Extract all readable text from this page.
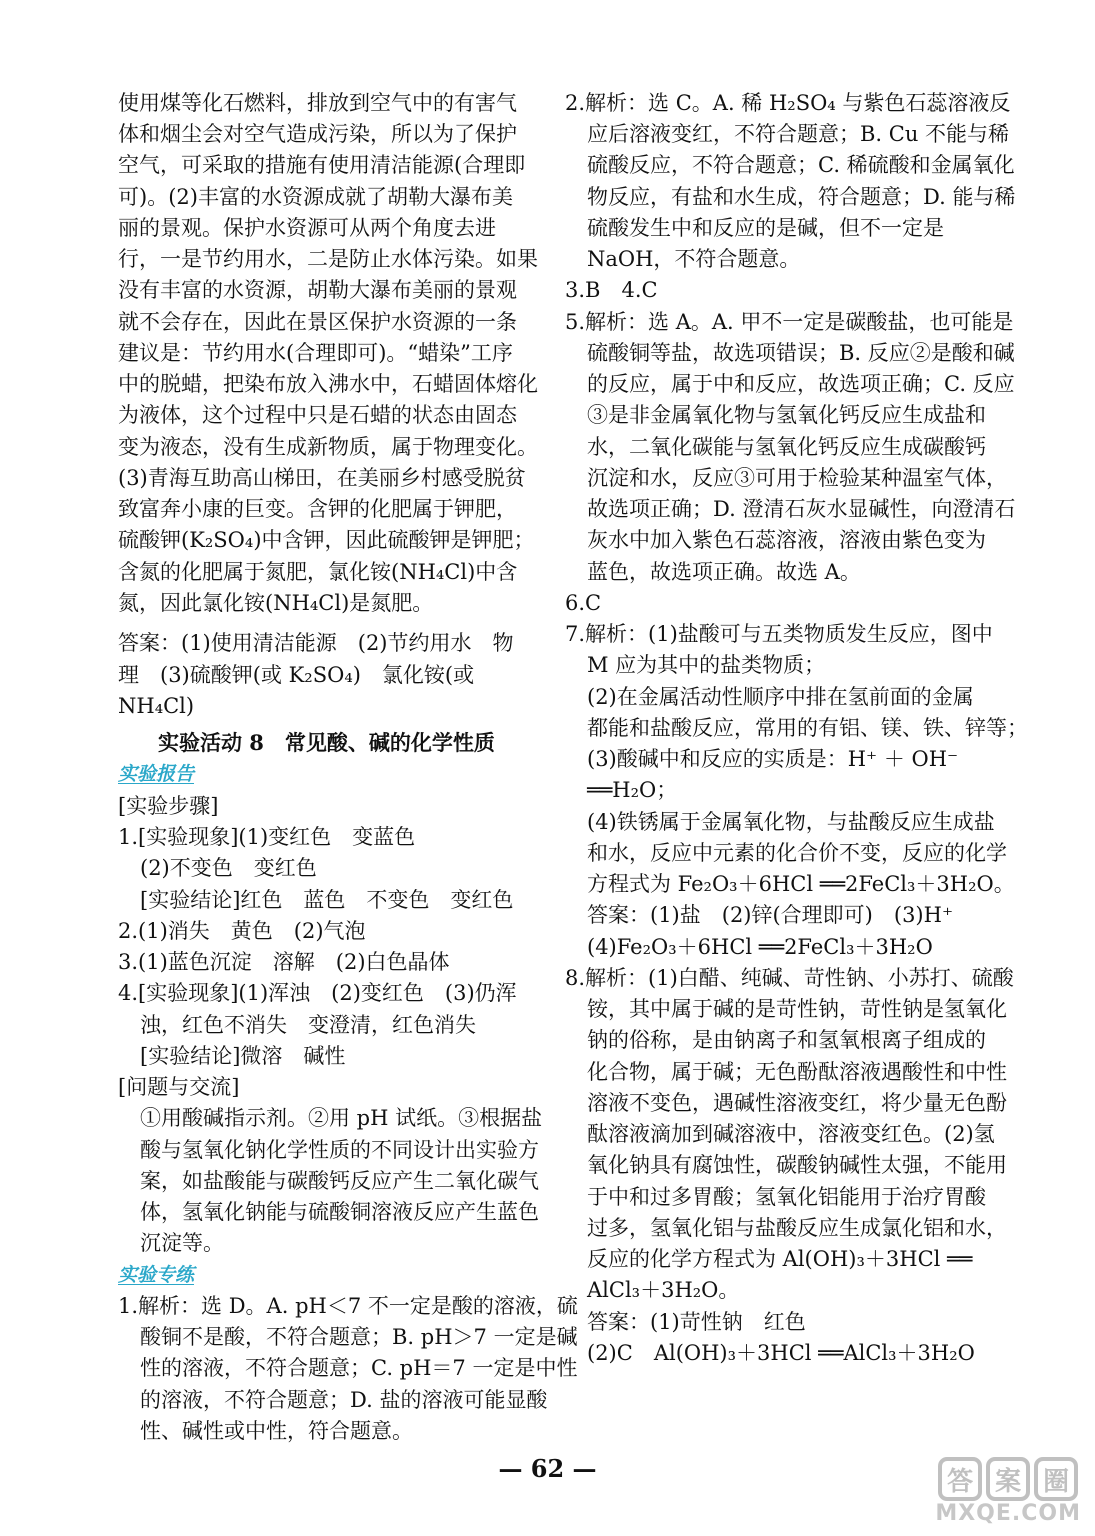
使用煤等化石燃料，排放到空气中的有害气
体和烟尘会对空气造成污染，所以为了保护
空气，可采取的措施有使用清洁能源(合理即
可)。(2)丰富的水资源成就了胡勒大瀑布美
丽的景观。保护水资源可从两个角度去进
行，一是节约用水，二是防止水体污染。如果
没有丰富的水资源，胡勒大瀑布美丽的景观
就不会存在，因此在景区保护水资源的一条
建议是：节约用水(合理即可)。“蜡染”工序
中的脱蜡，把染布放入沸水中，石蜡固体熔化
为液体，这个过程中只是石蜡的状态由固态
变为液态，没有生成新物质，属于物理变化。
(3)青海互助高山梯田，在美丽乡村感受脱贫
致富奔小康的巨变。含钾的化肥属于钾肥，
硫酸钾(K₂SO₄)中含钾，因此硫酸钾是钾肥；
含氮的化肥属于氮肥，氯化铵(NH₄Cl)中含
氮，因此氯化铵(NH₄Cl)是氮肥。
答案：(1)使用清洁能源　(2)节约用水　物
理　(3)硫酸钾(或 K₂SO₄)　氯化铵(或
NH₄Cl)
实验活动 8　常见酸、碱的化学性质
实验报告
[实验步骤]
1.[实验现象](1)变红色　变蓝色
(2)不变色　变红色
[实验结论]红色　蓝色　不变色　变红色
2.(1)消失　黄色　(2)气泡
3.(1)蓝色沉淀　溶解　(2)白色晶体
4.[实验现象](1)浑浊　(2)变红色　(3)仍浑
浊，红色不消失　变澄清，红色消失
[实验结论]微溶　碱性
[问题与交流]
①用酸碱指示剂。②用 pH 试纸。③根据盐
酸与氢氧化钠化学性质的不同设计出实验方
案，如盐酸能与碳酸钙反应产生二氧化碳气
体，氢氧化钠能与硫酸铜溶液反应产生蓝色
沉淀等。
实验专练
1.解析：选 D。A. pH＜7 不一定是酸的溶液，硫
酸铜不是酸，不符合题意；B. pH＞7 一定是碱
性的溶液，不符合题意；C. pH＝7 一定是中性
的溶液，不符合题意；D. 盐的溶液可能显酸
性、碱性或中性，符合题意。
2.解析：选 C。A. 稀 H₂SO₄ 与紫色石蕊溶液反
应后溶液变红，不符合题意；B. Cu 不能与稀
硫酸反应，不符合题意；C. 稀硫酸和金属氧化
物反应，有盐和水生成，符合题意；D. 能与稀
硫酸发生中和反应的是碱，但不一定是
NaOH，不符合题意。
3.B　4.C
5.解析：选 A。A. 甲不一定是碳酸盐，也可能是
硫酸铜等盐，故选项错误；B. 反应②是酸和碱
的反应，属于中和反应，故选项正确；C. 反应
③是非金属氧化物与氢氧化钙反应生成盐和
水，二氧化碳能与氢氧化钙反应生成碳酸钙
沉淀和水，反应③可用于检验某种温室气体，
故选项正确；D. 澄清石灰水显碱性，向澄清石
灰水中加入紫色石蕊溶液，溶液由紫色变为
蓝色，故选项正确。故选 A。
6.C
7.解析：(1)盐酸可与五类物质发生反应，图中
M 应为其中的盐类物质；
(2)在金属活动性顺序中排在氢前面的金属
都能和盐酸反应，常用的有铝、镁、铁、锌等；
(3)酸碱中和反应的实质是：H⁺ ＋ OH⁻
══H₂O；
(4)铁锈属于金属氧化物，与盐酸反应生成盐
和水，反应中元素的化合价不变，反应的化学
方程式为 Fe₂O₃＋6HCl ══2FeCl₃＋3H₂O。
答案：(1)盐　(2)锌(合理即可)　(3)H⁺
(4)Fe₂O₃＋6HCl ══2FeCl₃＋3H₂O
8.解析：(1)白醋、纯碱、苛性钠、小苏打、硫酸
铵，其中属于碱的是苛性钠，苛性钠是氢氧化
钠的俗称，是由钠离子和氢氧根离子组成的
化合物，属于碱；无色酚酞溶液遇酸性和中性
溶液不变色，遇碱性溶液变红，将少量无色酚
酞溶液滴加到碱溶液中，溶液变红色。(2)氢
氧化钠具有腐蚀性，碳酸钠碱性太强，不能用
于中和过多胃酸；氢氧化铝能用于治疗胃酸
过多，氢氧化铝与盐酸反应生成氯化铝和水，
反应的化学方程式为 Al(OH)₃＋3HCl ══
AlCl₃＋3H₂O。
答案：(1)苛性钠　红色
(2)C　Al(OH)₃＋3HCl ══AlCl₃＋3H₂O
— 62 —	答 案 圈
MXQE.COM
